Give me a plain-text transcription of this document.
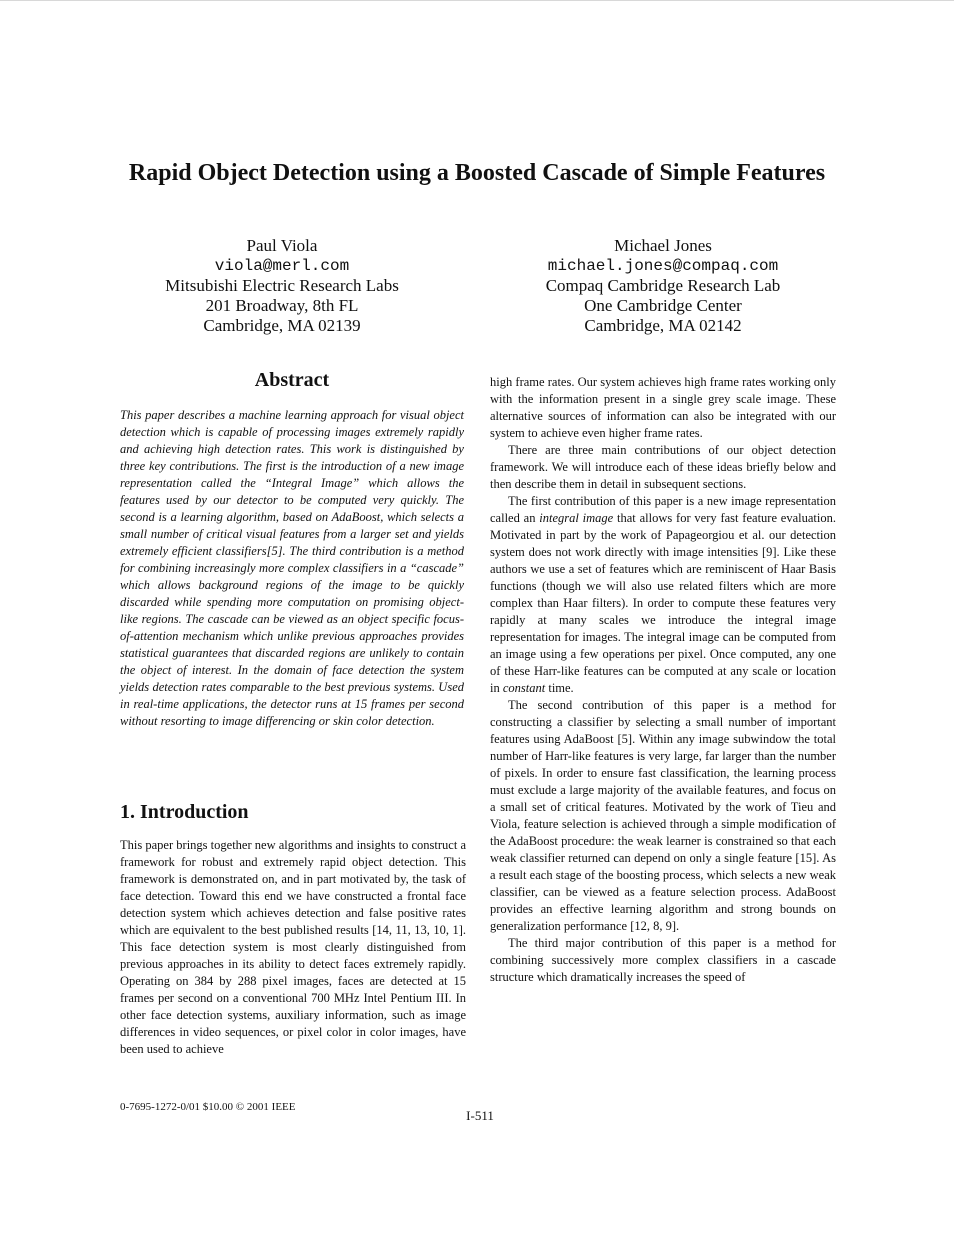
Rapid Object Detection using a Boosted Cascade of Simple Features
Paul Viola
viola@merl.com
Mitsubishi Electric Research Labs
201 Broadway, 8th FL
Cambridge, MA 02139
Michael Jones
michael.jones@compaq.com
Compaq Cambridge Research Lab
One Cambridge Center
Cambridge, MA 02142
Abstract
This paper describes a machine learning approach for visual object detection which is capable of processing images extremely rapidly and achieving high detection rates. This work is distinguished by three key contributions. The first is the introduction of a new image representation called the “Integral Image” which allows the features used by our detector to be computed very quickly. The second is a learning algorithm, based on AdaBoost, which selects a small number of critical visual features from a larger set and yields extremely efficient classifiers[5]. The third contribution is a method for combining increasingly more complex classifiers in a “cascade” which allows background regions of the image to be quickly discarded while spending more computation on promising object-like regions. The cascade can be viewed as an object specific focus-of-attention mechanism which unlike previous approaches provides statistical guarantees that discarded regions are unlikely to contain the object of interest. In the domain of face detection the system yields detection rates comparable to the best previous systems. Used in real-time applications, the detector runs at 15 frames per second without resorting to image differencing or skin color detection.
1. Introduction
This paper brings together new algorithms and insights to construct a framework for robust and extremely rapid object detection. This framework is demonstrated on, and in part motivated by, the task of face detection. Toward this end we have constructed a frontal face detection system which achieves detection and false positive rates which are equivalent to the best published results [14, 11, 13, 10, 1]. This face detection system is most clearly distinguished from previous approaches in its ability to detect faces extremely rapidly. Operating on 384 by 288 pixel images, faces are detected at 15 frames per second on a conventional 700 MHz Intel Pentium III. In other face detection systems, auxiliary information, such as image differences in video sequences, or pixel color in color images, have been used to achieve

high frame rates. Our system achieves high frame rates working only with the information present in a single grey scale image. These alternative sources of information can also be integrated with our system to achieve even higher frame rates.

There are three main contributions of our object detection framework. We will introduce each of these ideas briefly below and then describe them in detail in subsequent sections.

The first contribution of this paper is a new image representation called an integral image that allows for very fast feature evaluation. Motivated in part by the work of Papageorgiou et al. our detection system does not work directly with image intensities [9]. Like these authors we use a set of features which are reminiscent of Haar Basis functions (though we will also use related filters which are more complex than Haar filters). In order to compute these features very rapidly at many scales we introduce the integral image representation for images. The integral image can be computed from an image using a few operations per pixel. Once computed, any one of these Harr-like features can be computed at any scale or location in constant time.

The second contribution of this paper is a method for constructing a classifier by selecting a small number of important features using AdaBoost [5]. Within any image subwindow the total number of Harr-like features is very large, far larger than the number of pixels. In order to ensure fast classification, the learning process must exclude a large majority of the available features, and focus on a small set of critical features. Motivated by the work of Tieu and Viola, feature selection is achieved through a simple modification of the AdaBoost procedure: the weak learner is constrained so that each weak classifier returned can depend on only a single feature [15]. As a result each stage of the boosting process, which selects a new weak classifier, can be viewed as a feature selection process. AdaBoost provides an effective learning algorithm and strong bounds on generalization performance [12, 8, 9].

The third major contribution of this paper is a method for combining successively more complex classifiers in a cascade structure which dramatically increases the speed of

0-7695-1272-0/01 $10.00 © 2001 IEEE
I-511
